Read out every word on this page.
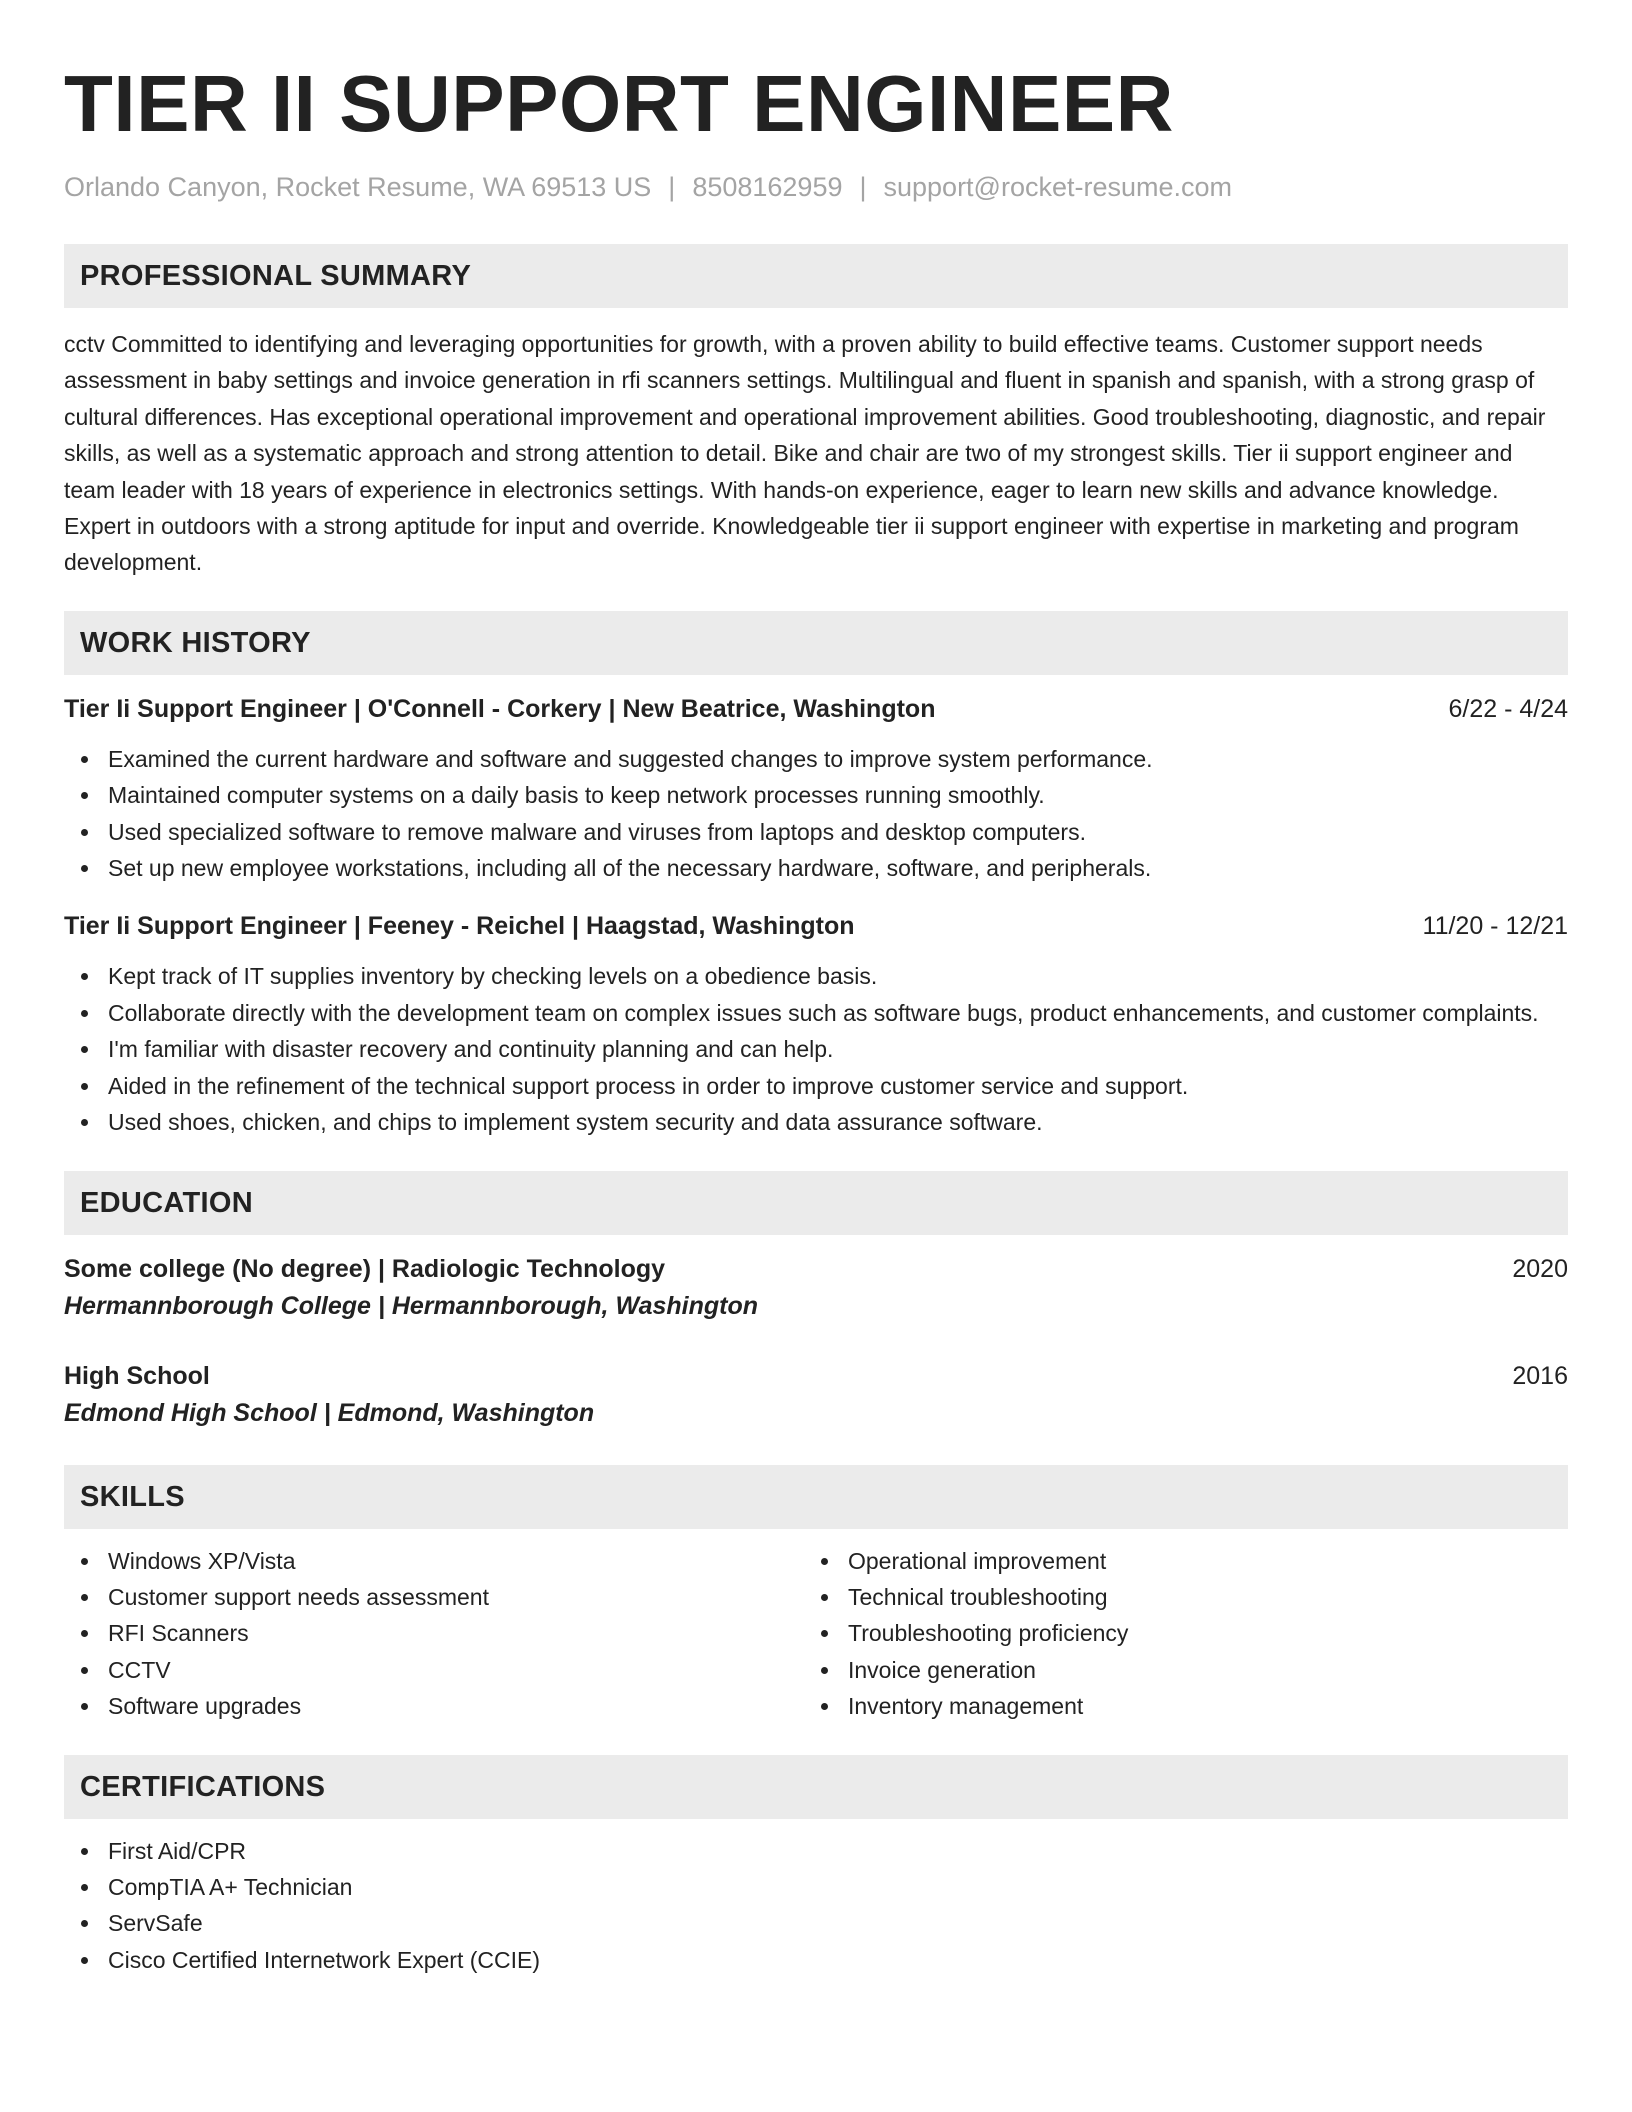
TIER II SUPPORT ENGINEER
Orlando Canyon, Rocket Resume, WA 69513 US | 8508162959 | support@rocket-resume.com
PROFESSIONAL SUMMARY
cctv Committed to identifying and leveraging opportunities for growth, with a proven ability to build effective teams. Customer support needs assessment in baby settings and invoice generation in rfi scanners settings. Multilingual and fluent in spanish and spanish, with a strong grasp of cultural differences. Has exceptional operational improvement and operational improvement abilities. Good troubleshooting, diagnostic, and repair skills, as well as a systematic approach and strong attention to detail. Bike and chair are two of my strongest skills. Tier ii support engineer and team leader with 18 years of experience in electronics settings. With hands-on experience, eager to learn new skills and advance knowledge. Expert in outdoors with a strong aptitude for input and override. Knowledgeable tier ii support engineer with expertise in marketing and program development.
WORK HISTORY
Tier Ii Support Engineer | O'Connell - Corkery | New Beatrice, Washington	6/22 - 4/24
Examined the current hardware and software and suggested changes to improve system performance.
Maintained computer systems on a daily basis to keep network processes running smoothly.
Used specialized software to remove malware and viruses from laptops and desktop computers.
Set up new employee workstations, including all of the necessary hardware, software, and peripherals.
Tier Ii Support Engineer | Feeney - Reichel | Haagstad, Washington	11/20 - 12/21
Kept track of IT supplies inventory by checking levels on a obedience basis.
Collaborate directly with the development team on complex issues such as software bugs, product enhancements, and customer complaints.
I'm familiar with disaster recovery and continuity planning and can help.
Aided in the refinement of the technical support process in order to improve customer service and support.
Used shoes, chicken, and chips to implement system security and data assurance software.
EDUCATION
Some college (No degree) | Radiologic Technology	2020
Hermannborough College | Hermannborough, Washington
High School	2016
Edmond High School | Edmond, Washington
SKILLS
Windows XP/Vista
Customer support needs assessment
RFI Scanners
CCTV
Software upgrades
Operational improvement
Technical troubleshooting
Troubleshooting proficiency
Invoice generation
Inventory management
CERTIFICATIONS
First Aid/CPR
CompTIA A+ Technician
ServSafe
Cisco Certified Internetwork Expert (CCIE)
